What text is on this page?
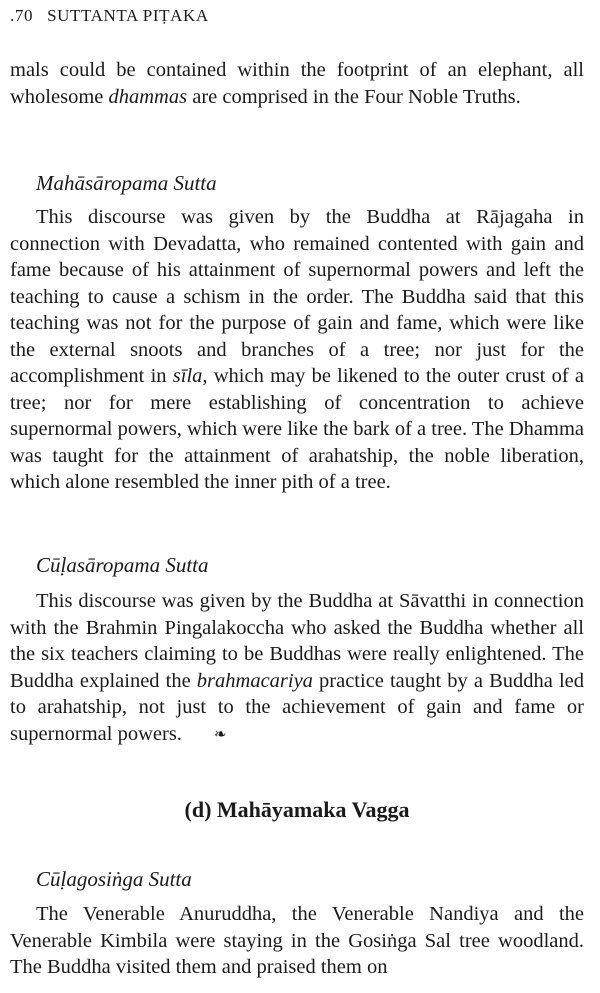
.70 SUTTANTA PIṬAKA

mals could be contained within the footprint of an elephant, all wholesome dhammas are comprised in the Four Noble Truths.

Mahāsāropama Sutta

This discourse was given by the Buddha at Rājagaha in connection with Devadatta, who remained contented with gain and fame because of his attainment of supernormal powers and left the teaching to cause a schism in the order. The Buddha said that this teaching was not for the purpose of gain and fame, which were like the external snoots and branches of a tree; nor just for the accomplishment in sīla, which may be likened to the outer crust of a tree; nor for mere establishing of concentration to achieve supernormal powers, which were like the bark of a tree. The Dhamma was taught for the attainment of arahatship, the noble liberation, which alone resembled the inner pith of a tree.

Cūḷasāropama Sutta

This discourse was given by the Buddha at Sāvatthi in connection with the Brahmin Pingalakoccha who asked the Buddha whether all the six teachers claiming to be Buddhas were really enlightened. The Buddha explained the brahmacariya practice taught by a Buddha led to arahatship, not just to the achievement of gain and fame or supernormal powers. ❧

(d) Mahāyamaka Vagga

Cūḷagosiṅga Sutta

The Venerable Anuruddha, the Venerable Nandiya and the Venerable Kimbila were staying in the Gosiṅga Sal tree woodland. The Buddha visited them and praised them on
